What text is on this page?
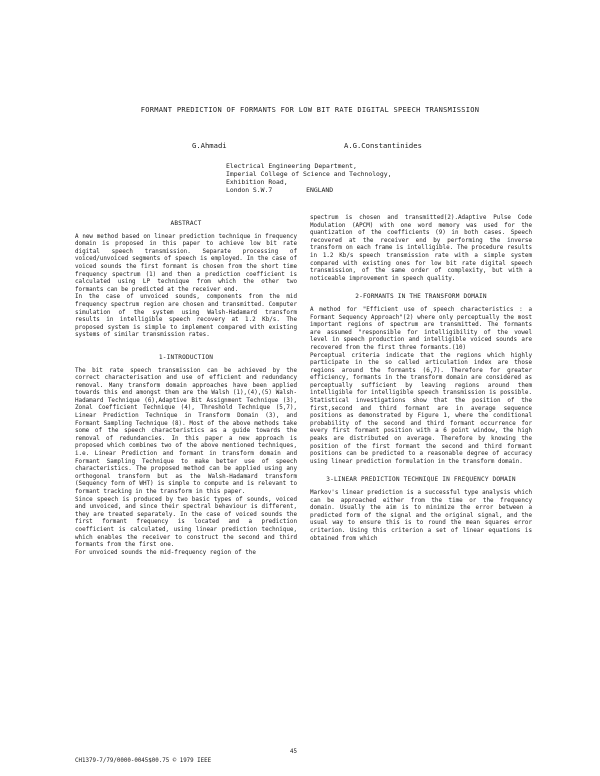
FORMANT PREDICTION OF FORMANTS FOR LOW BIT RATE DIGITAL SPEECH TRANSMISSION
G.Ahmadi	A.G.Constantinides
Electrical Engineering Department,
Imperial College of Science and Technology,
Exhibition Road,
London S.W.7	ENGLAND
ABSTRACT

A new method based on linear prediction technique in frequency domain is proposed in this paper to achieve low bit rate digital speech transmission. Separate processing of voiced/unvoiced segments of speech is employed. In the case of voiced sounds the first formant is chosen from the short time frequency spectrum (1) and then a prediction coefficient is calculated using LP technique from which the other two formants can be predicted at the receiver end.

In the case of unvoiced sounds, components from the mid frequency spectrum region are chosen and transmitted. Computer simulation of the system using Walsh-Hadamard transform results in intelligible speech recovery at 1.2 Kb/s. The proposed system is simple to implement compared with existing systems of similar transmission rates.

1-INTRODUCTION

The bit rate speech transmission can be achieved by the correct characterisation and use of efficient and redundancy removal. Many transform domain approaches have been applied towards this end amongst them are the Walsh (1),(4),(5) Walsh-Hadamard Technique (6),Adaptive Bit Assignment Technique (3), Zonal Coefficient Technique (4), Threshold Technique (5,7), Linear Prediction Technique in Transform Domain (3), and Formant Sampling Technique (8). Most of the above methods take some of the speech characteristics as a guide towards the removal of redundancies. In this paper a new approach is proposed which combines two of the above mentioned techniques, i.e. Linear Prediction and formant in transform domain and Formant Sampling Technique to make better use of speech characteristics. The proposed method can be applied using any orthogonal transform but as the Walsh-Hadamard transform (Sequency form of WHT) is simple to compute and is relevant to formant tracking in the transform in this paper.

Since speech is produced by two basic types of sounds, voiced and unvoiced, and since their spectral behaviour is different, they are treated separately. In the case of voiced sounds the first formant frequency is located and a prediction coefficient is calculated, using linear prediction technique, which enables the receiver to construct the second and third formants from the first one.

For unvoiced sounds the mid-frequency region of the

spectrum is chosen and transmitted(2).Adaptive Pulse Code Modulation (APCM) with one word memory was used for the quantization of the coefficients (9) in both cases. Speech recovered at the receiver end by performing the inverse transform on each frame is intelligible. The procedure results in 1.2 Kb/s speech transmission rate with a simple system compared with existing ones for low bit rate digital speech transmission, of the same order of complexity, but with a noticeable improvement in speech quality.

2-FORMANTS IN THE TRANSFORM DOMAIN

A method for "Efficient use of speech characteristics : a Formant Sequency Approach"(2) where only perceptually the most important regions of spectrum are transmitted. The formants are assumed "responsible for intelligibility of the vowel level in speech production and intelligible voiced sounds are recovered from the first three formants.(10)

Perceptual criteria indicate that the regions which highly participate in the so called articulation index are those regions around the formants (6,7). Therefore for greater efficiency, formants in the transform domain are considered as perceptually sufficient by leaving regions around them intelligible for intelligible speech transmission is possible. Statistical investigations show that the position of the first,second and third formant are in average sequence positions as demonstrated by Figure 1, where the conditional probability of the second and third formant occurrence for every first formant position with a 6 point window, the high peaks are distributed on average. Therefore by knowing the position of the first formant the second and third formant positions can be predicted to a reasonable degree of accuracy using linear prediction formulation in the transform domain.

3-LINEAR PREDICTION TECHNIQUE IN FREQUENCY DOMAIN

Markov's linear prediction is a successful type analysis which can be approached either from the time or the frequency domain. Usually the aim is to minimize the error between a predicted form of the signal and the original signal, and the usual way to ensure this is to round the mean squares error criterion. Using this criterion a set of linear equations is obtained from which

45
CH1379-7/79/0000-0045$00.75 © 1979 IEEE
